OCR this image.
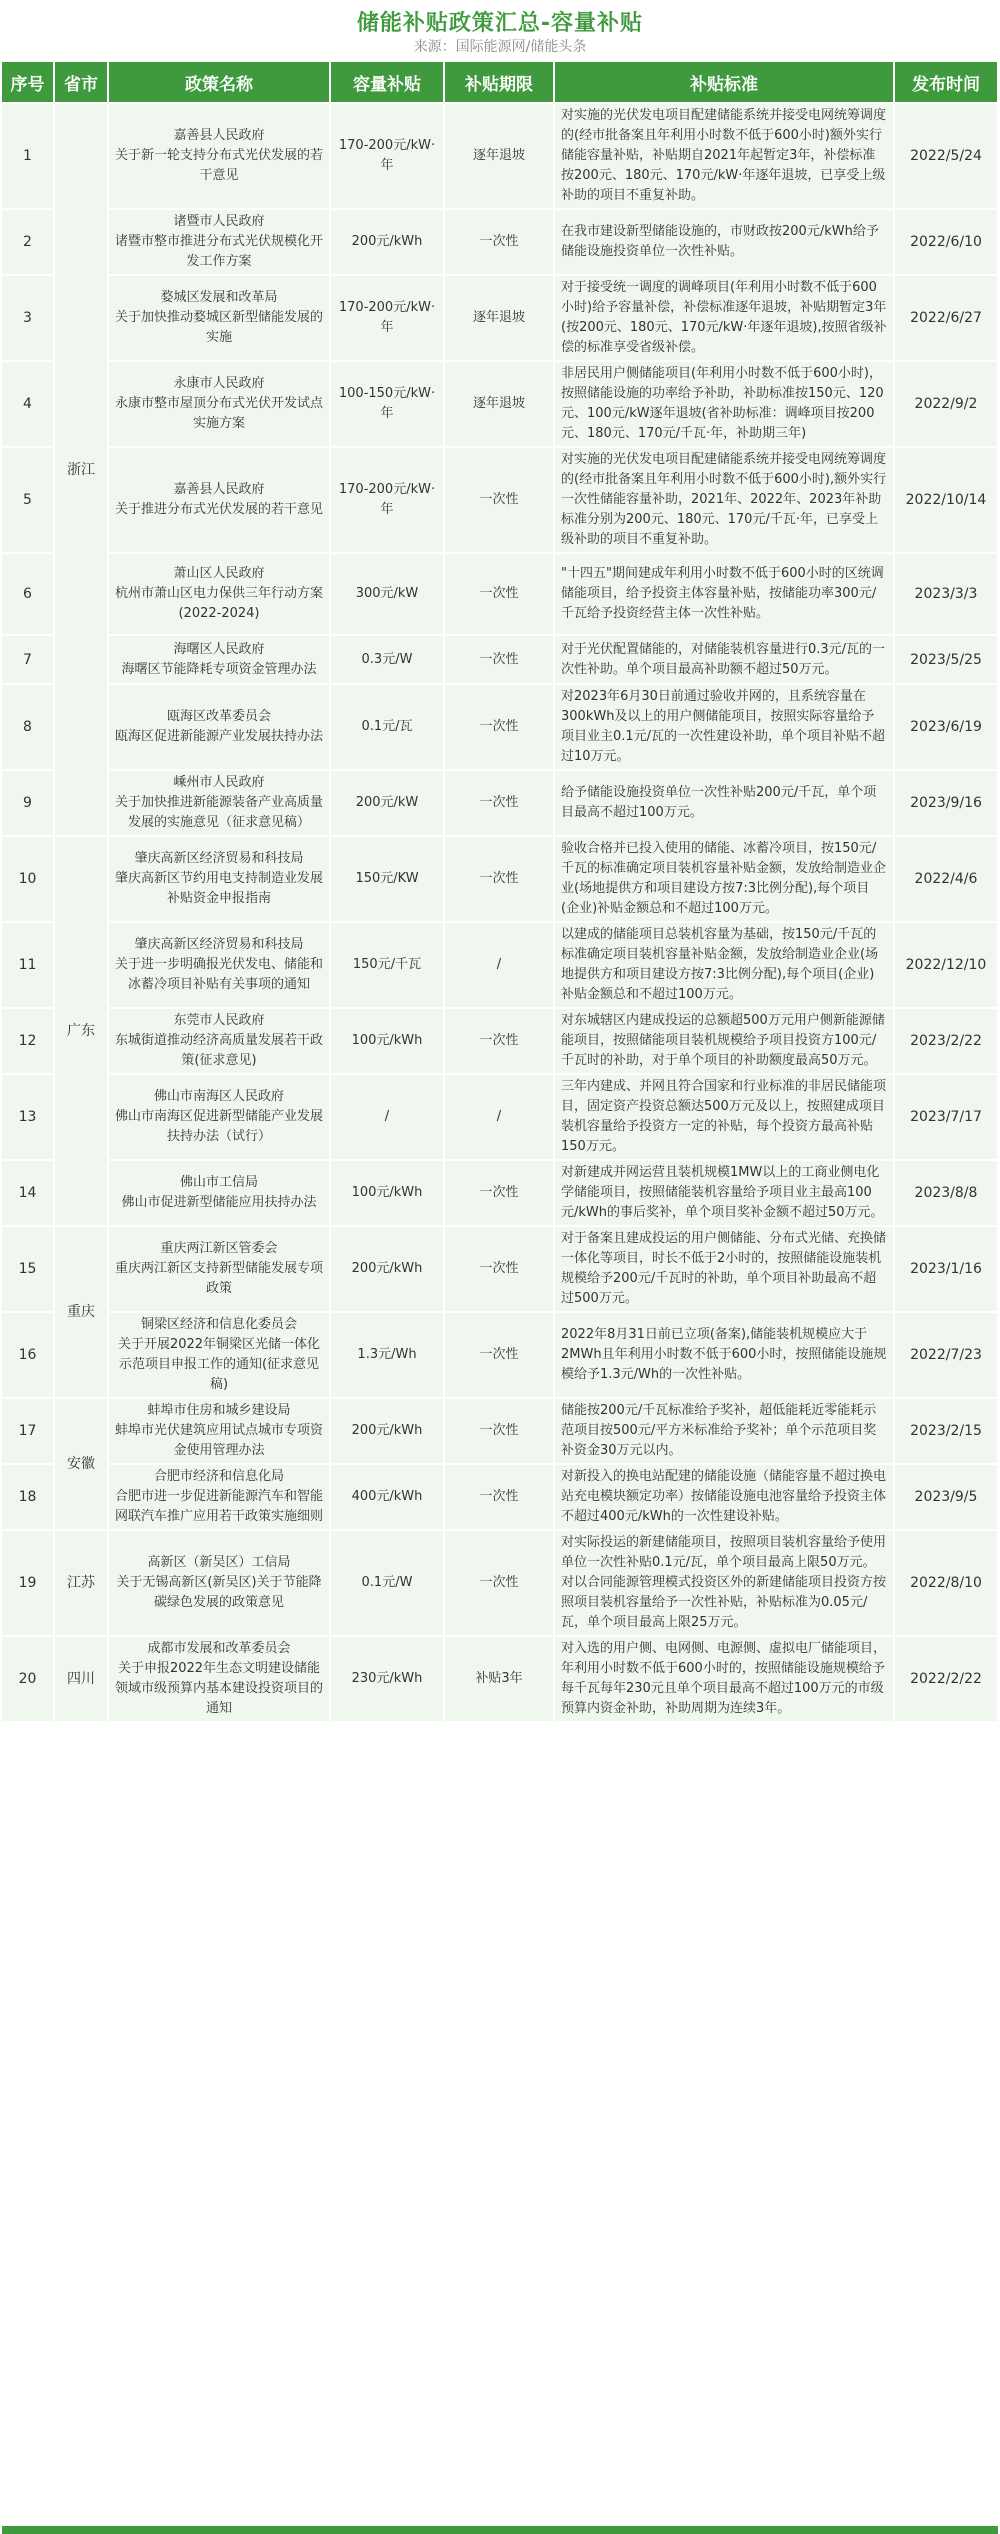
储能补贴政策汇总-容量补贴
来源：国际能源网/储能头条
序号	省市	政策名称	容量补贴	补贴期限	补贴标准	发布时间
1	浙江	嘉善县人民政府
关于新一轮支持分布式光伏发展的若干意见	170-200元/kW·年	逐年退坡	对实施的光伏发电项目配建储能系统并接受电网统筹调度的(经市批备案且年利用小时数不低于600小时)额外实行储能容量补贴，补贴期自2021年起暂定3年，补偿标准按200元、180元、170元/kW·年逐年退坡，已享受上级补助的项目不重复补助。	2022/5/24
2		诸暨市人民政府
诸暨市整市推进分布式光伏规模化开发工作方案	200元/kWh	一次性	在我市建设新型储能设施的，市财政按200元/kWh给予储能设施投资单位一次性补贴。	2022/6/10
3		婺城区发展和改革局
关于加快推动婺城区新型储能发展的实施	170-200元/kW·年	逐年退坡	对于接受统一调度的调峰项目(年利用小时数不低于600小时)给予容量补偿，补偿标准逐年退坡，补贴期暂定3年(按200元、180元、170元/kW·年逐年退坡),按照省级补偿的标准享受省级补偿。	2022/6/27
4		永康市人民政府
永康市整市屋顶分布式光伏开发试点实施方案	100-150元/kW·年	逐年退坡	非居民用户侧储能项目(年利用小时数不低于600小时)，按照储能设施的功率给予补助，补助标准按150元、120元、100元/kW逐年退坡(省补助标准：调峰项目按200元、180元、170元/千瓦·年，补助期三年)	2022/9/2
5		嘉善县人民政府
关于推进分布式光伏发展的若干意见	170-200元/kW·年	一次性	对实施的光伏发电项目配建储能系统并接受电网统筹调度的(经市批备案且年利用小时数不低于600小时),额外实行一次性储能容量补助，2021年、2022年、2023年补助标准分别为200元、180元、170元/千瓦·年，已享受上级补助的项目不重复补助。	2022/10/14
6		萧山区人民政府
杭州市萧山区电力保供三年行动方案(2022-2024)	300元/kW	一次性	"十四五"期间建成年利用小时数不低于600小时的区统调储能项目，给予投资主体容量补贴，按储能功率300元/千瓦给予投资经营主体一次性补贴。	2023/3/3
7		海曙区人民政府
海曙区节能降耗专项资金管理办法	0.3元/W	一次性	对于光伏配置储能的，对储能装机容量进行0.3元/瓦的一次性补助。单个项目最高补助额不超过50万元。	2023/5/25
8		瓯海区改革委员会
瓯海区促进新能源产业发展扶持办法	0.1元/瓦	一次性	对2023年6月30日前通过验收并网的，且系统容量在300kWh及以上的用户侧储能项目，按照实际容量给予项目业主0.1元/瓦的一次性建设补助，单个项目补贴不超过10万元。	2023/6/19
9		嵊州市人民政府
关于加快推进新能源装备产业高质量发展的实施意见（征求意见稿）	200元/kW	一次性	给予储能设施投资单位一次性补贴200元/千瓦，单个项目最高不超过100万元。	2023/9/16
10	广东	肇庆高新区经济贸易和科技局
肇庆高新区节约用电支持制造业发展补贴资金申报指南	150元/KW	一次性	验收合格并已投入使用的储能、冰蓄冷项目，按150元/千瓦的标准确定项目装机容量补贴金额，发放给制造业企业(场地提供方和项目建设方按7:3比例分配),每个项目(企业)补贴金额总和不超过100万元。	2022/4/6
11		肇庆高新区经济贸易和科技局
关于进一步明确报光伏发电、储能和冰蓄冷项目补贴有关事项的通知	150元/千瓦	/	以建成的储能项目总装机容量为基础，按150元/千瓦的标准确定项目装机容量补贴金额，发放给制造业企业(场地提供方和项目建设方按7:3比例分配),每个项目(企业)补贴金额总和不超过100万元。	2022/12/10
12		东莞市人民政府
东城街道推动经济高质量发展若干政策(征求意见)	100元/kWh	一次性	对东城辖区内建成投运的总额超500万元用户侧新能源储能项目，按照储能项目装机规模给予项目投资方100元/千瓦时的补助，对于单个项目的补助额度最高50万元。	2023/2/22
13		佛山市南海区人民政府
佛山市南海区促进新型储能产业发展扶持办法（试行）	/	/	三年内建成、并网且符合国家和行业标准的非居民储能项目，固定资产投资总额达500万元及以上，按照建成项目装机容量给予投资方一定的补贴，每个投资方最高补贴150万元。	2023/7/17
14		佛山市工信局
佛山市促进新型储能应用扶持办法	100元/kWh	一次性	对新建成并网运营且装机规模1MW以上的工商业侧电化学储能项目，按照储能装机容量给予项目业主最高100元/kWh的事后奖补，单个项目奖补金额不超过50万元。	2023/8/8
15	重庆	重庆两江新区管委会
重庆两江新区支持新型储能发展专项政策	200元/kWh	一次性	对于备案且建成投运的用户侧储能、分布式光储、充换储一体化等项目，时长不低于2小时的，按照储能设施装机规模给予200元/千瓦时的补助，单个项目补助最高不超过500万元。	2023/1/16
16		铜梁区经济和信息化委员会
关于开展2022年铜梁区光储一体化示范项目申报工作的通知(征求意见稿)	1.3元/Wh	一次性	2022年8月31日前已立项(备案),储能装机规模应大于2MWh且年利用小时数不低于600小时，按照储能设施规模给予1.3元/Wh的一次性补贴。	2022/7/23
17	安徽	蚌埠市住房和城乡建设局
蚌埠市光伏建筑应用试点城市专项资金使用管理办法	200元/kWh	一次性	储能按200元/千瓦标准给予奖补，超低能耗近零能耗示范项目按500元/平方米标准给予奖补；单个示范项目奖补资金30万元以内。	2023/2/15
18		合肥市经济和信息化局
合肥市进一步促进新能源汽车和智能网联汽车推广应用若干政策实施细则	400元/kWh	一次性	对新投入的换电站配建的储能设施（储能容量不超过换电站充电模块额定功率）按储能设施电池容量给予投资主体不超过400元/kWh的一次性建设补贴。	2023/9/5
19	江苏	高新区（新吴区）工信局
关于无锡高新区(新吴区)关于节能降碳绿色发展的政策意见	0.1元/W	一次性	对实际投运的新建储能项目，按照项目装机容量给予使用单位一次性补贴0.1元/瓦，单个项目最高上限50万元。对以合同能源管理模式投资区外的新建储能项目投资方按照项目装机容量给予一次性补贴，补贴标准为0.05元/瓦，单个项目最高上限25万元。	2022/8/10
20	四川	成都市发展和改革委员会
关于申报2022年生态文明建设储能领域市级预算内基本建设投资项目的通知	230元/kWh	补贴3年	对入选的用户侧、电网侧、电源侧、虚拟电厂储能项目，年利用小时数不低于600小时的，按照储能设施规模给予每千瓦每年230元且单个项目最高不超过100万元的市级预算内资金补助，补助周期为连续3年。	2022/2/22
